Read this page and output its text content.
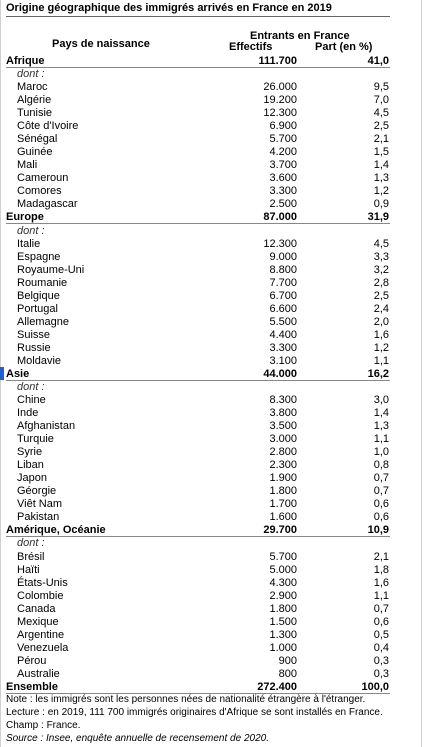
Origine géographique des immigrés arrivés en France en 2019
Pays de naissance
Entrants en France
Effectifs	Part (en %)
Afrique	111.700	41,0
dont :
Maroc	26.000	9,5
Algérie	19.200	7,0
Tunisie	12.300	4,5
Côte d'Ivoire	6.900	2,5
Sénégal	5.700	2,1
Guinée	4.200	1,5
Mali	3.700	1,4
Cameroun	3.600	1,3
Comores	3.300	1,2
Madagascar	2.500	0,9
Europe	87.000	31,9
dont :
Italie	12.300	4,5
Espagne	9.000	3,3
Royaume-Uni	8.800	3,2
Roumanie	7.700	2,8
Belgique	6.700	2,5
Portugal	6.600	2,4
Allemagne	5.500	2,0
Suisse	4.400	1,6
Russie	3.300	1,2
Moldavie	3.100	1,1
Asie	44.000	16,2
dont :
Chine	8.300	3,0
Inde	3.800	1,4
Afghanistan	3.500	1,3
Turquie	3.000	1,1
Syrie	2.800	1,0
Liban	2.300	0,8
Japon	1.900	0,7
Géorgie	1.800	0,7
Viêt Nam	1.700	0,6
Pakistan	1.600	0,6
Amérique, Océanie	29.700	10,9
dont :
Brésil	5.700	2,1
Haïti	5.000	1,8
États-Unis	4.300	1,6
Colombie	2.900	1,1
Canada	1.800	0,7
Mexique	1.500	0,6
Argentine	1.300	0,5
Venezuela	1.000	0,4
Pérou	900	0,3
Australie	800	0,3
Ensemble	272.400	100,0
Note : les immigrés sont les personnes nées de nationalité étrangère à l'étranger.
Lecture : en 2019, 111 700 immigrés originaires d'Afrique se sont installés en France.
Champ : France.
Source : Insee, enquête annuelle de recensement de 2020.
